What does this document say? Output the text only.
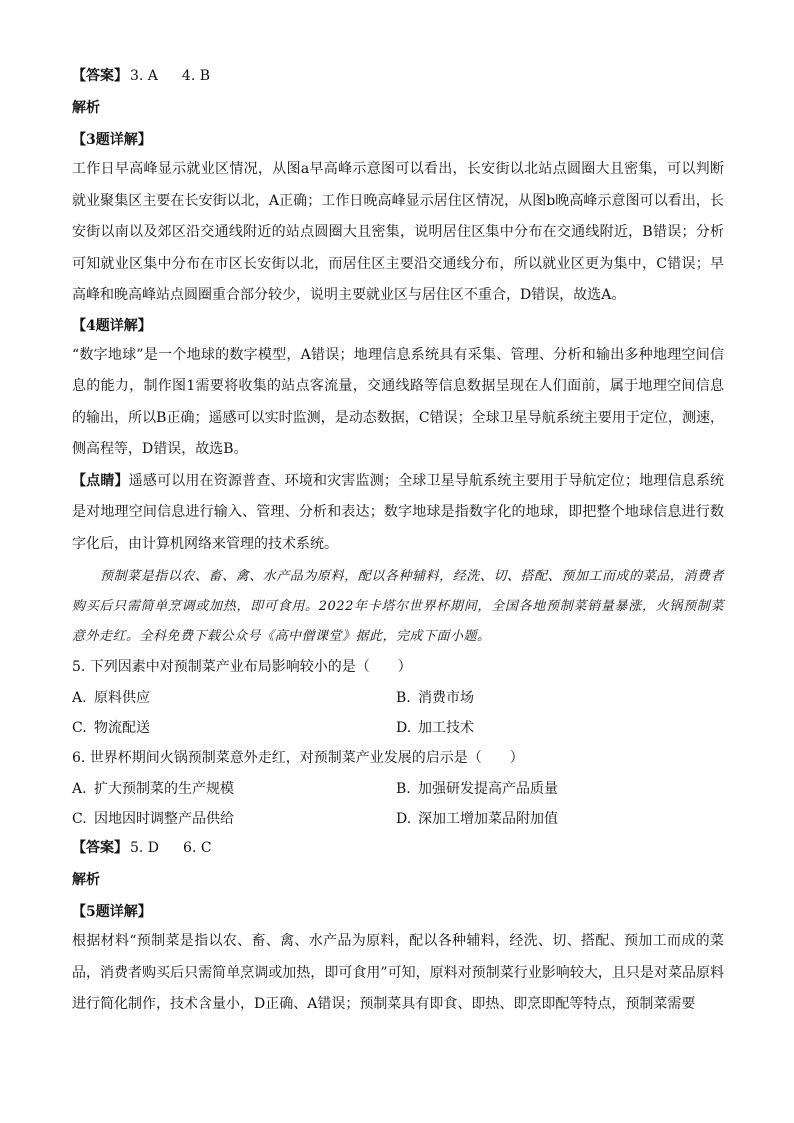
【答案】 3. A 4. B
解析
【3题详解】
工作日早高峰显示就业区情况，从图a早高峰示意图可以看出，长安街以北站点圆圈大且密集，可以判断就业聚集区主要在长安街以北，A正确；工作日晚高峰显示居住区情况，从图b晚高峰示意图可以看出，长安街以南以及郊区沿交通线附近的站点圆圈大且密集，说明居住区集中分布在交通线附近，B错误；分析可知就业区集中分布在市区长安街以北，而居住区主要沿交通线分布，所以就业区更为集中，C错误；早高峰和晚高峰站点圆圈重合部分较少，说明主要就业区与居住区不重合，D错误，故选A。
【4题详解】
“数字地球”是一个地球的数字模型，A错误；地理信息系统具有采集、管理、分析和输出多种地理空间信息的能力，制作图1需要将收集的站点客流量，交通线路等信息数据呈现在人们面前，属于地理空间信息的输出，所以B正确；遥感可以实时监测，是动态数据，C错误；全球卫星导航系统主要用于定位，测速，侧高程等，D错误，故选B。
【点睛】遥感可以用在资源普查、环境和灾害监测；全球卫星导航系统主要用于导航定位；地理信息系统是对地理空间信息进行输入、管理、分析和表达；数字地球是指数字化的地球，即把整个地球信息进行数字化后，由计算机网络来管理的技术系统。
预制菜是指以农、畜、禽、水产品为原料，配以各种辅料，经洗、切、搭配、预加工而成的菜品，消费者购买后只需简单烹调或加热，即可食用。2022年卡塔尔世界杯期间，全国各地预制菜销量暴涨，火锅预制菜意外走红。全科免费下载公众号《高中僧课堂》据此，完成下面小题。
5. 下列因素中对预制菜产业布局影响较小的是（　　）
A. 原料供应	B. 消费市场
C. 物流配送	D. 加工技术
6. 世界杯期间火锅预制菜意外走红，对预制菜产业发展的启示是（　　）
A. 扩大预制菜的生产规模	B. 加强研发提高产品质量
C. 因地因时调整产品供给	D. 深加工增加菜品附加值
【答案】 5. D 6. C
解析
【5题详解】
根据材料“预制菜是指以农、畜、禽、水产品为原料，配以各种辅料，经洗、切、搭配、预加工而成的菜品，消费者购买后只需简单烹调或加热，即可食用”可知，原料对预制菜行业影响较大，且只是对菜品原料进行简化制作，技术含量小，D正确、A错误；预制菜具有即食、即热、即烹即配等特点，预制菜需要
